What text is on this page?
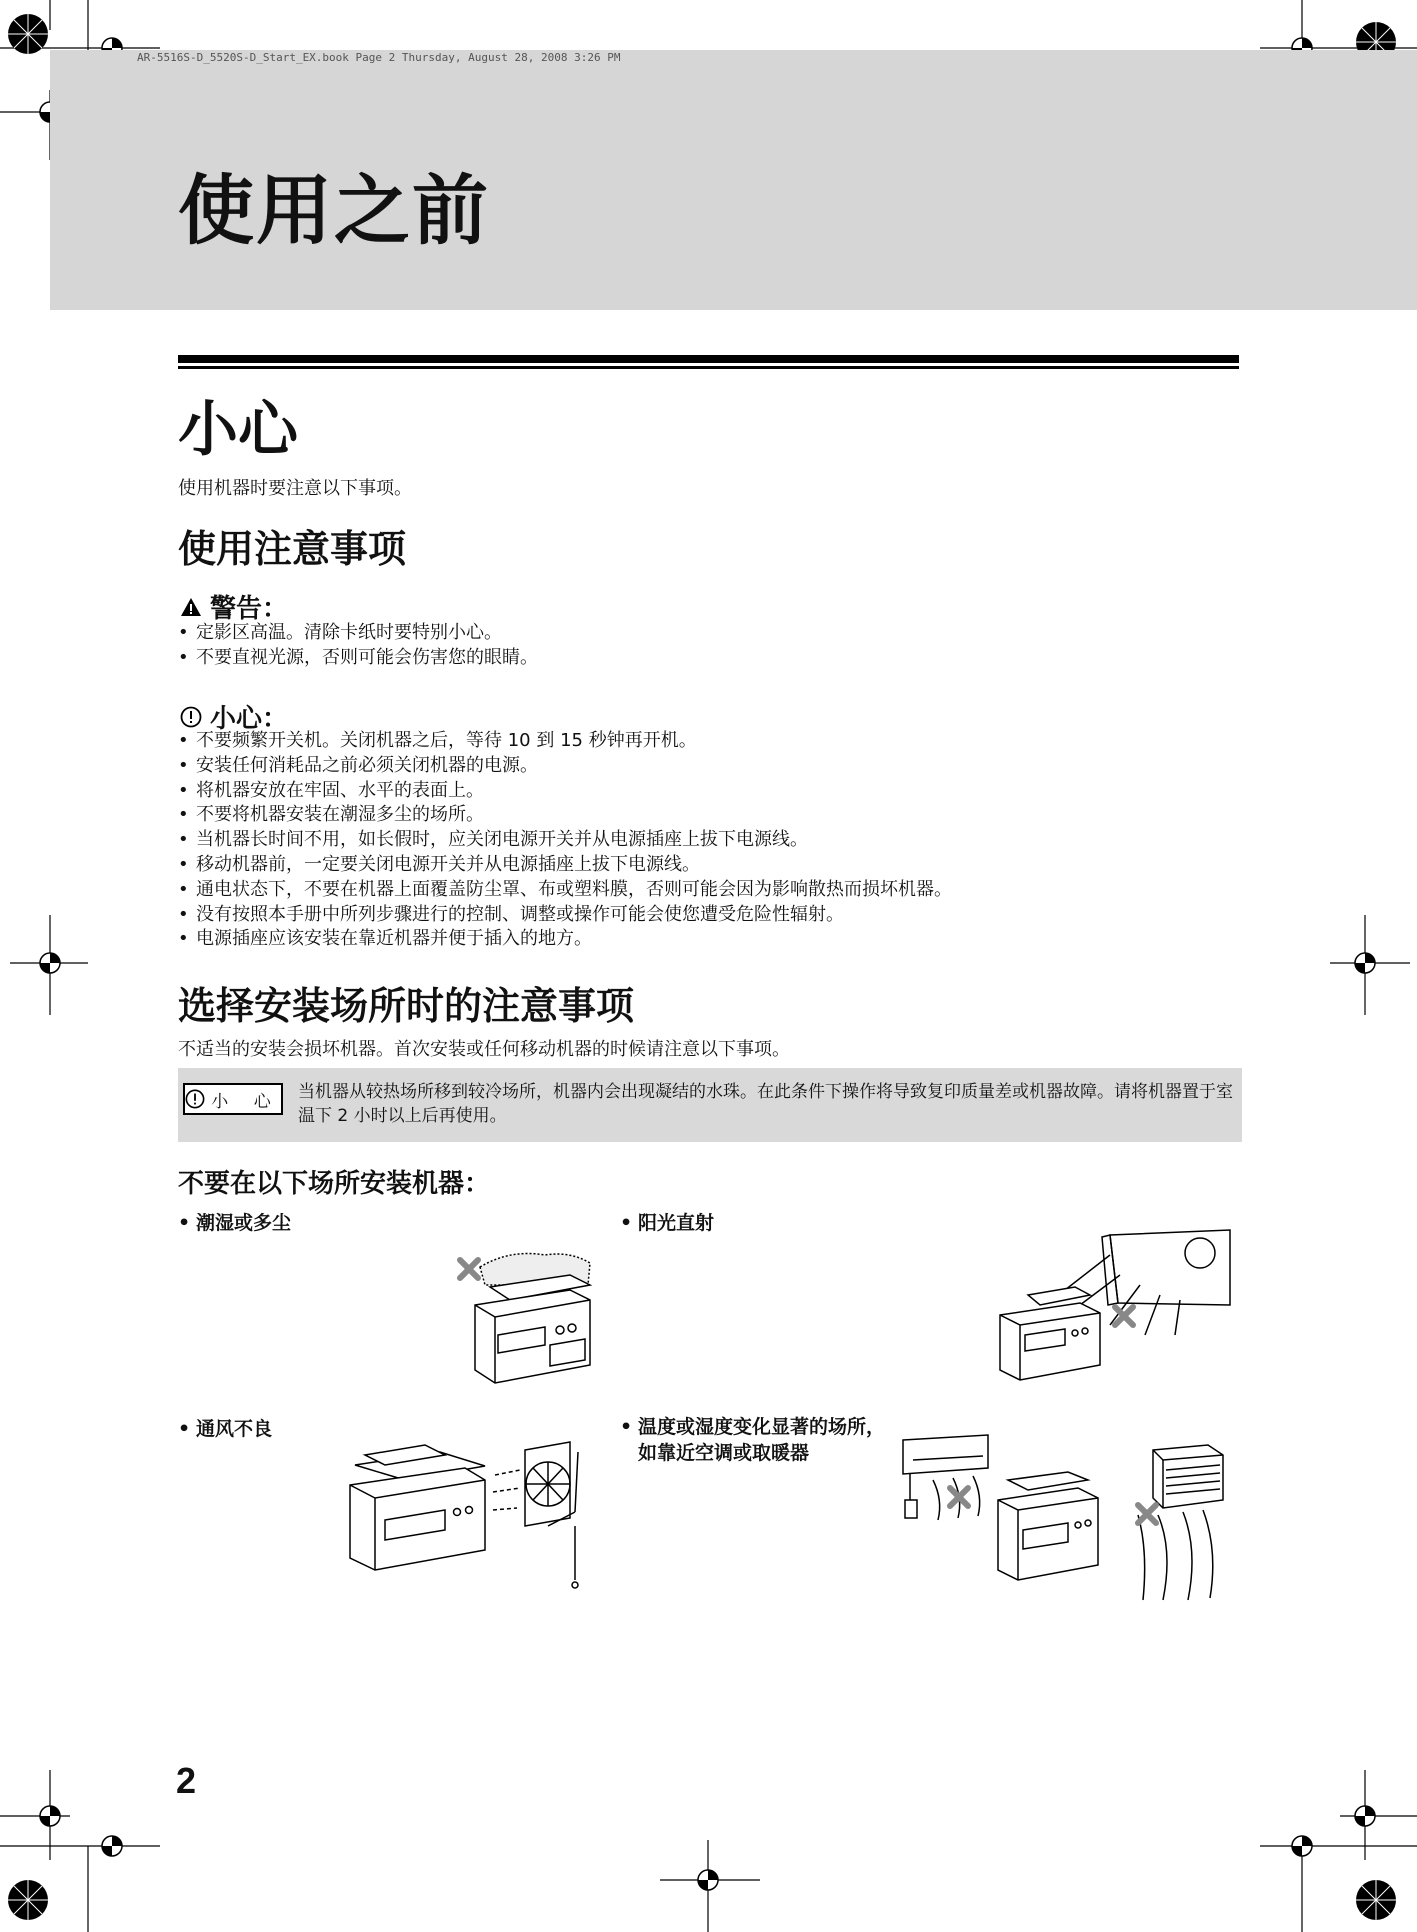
AR-5516S-D_5520S-D_Start_EX.book Page 2 Thursday, August 28, 2008 3:26 PM
使用之前
小心
使用机器时要注意以下事项。
使用注意事项
警告：
• 定影区高温。清除卡纸时要特别小心。
• 不要直视光源，否则可能会伤害您的眼睛。
小心：
• 不要频繁开关机。关闭机器之后，等待 10 到 15 秒钟再开机。
• 安装任何消耗品之前必须关闭机器的电源。
• 将机器安放在牢固、水平的表面上。
• 不要将机器安装在潮湿多尘的场所。
• 当机器长时间不用，如长假时，应关闭电源开关并从电源插座上拔下电源线。
• 移动机器前，一定要关闭电源开关并从电源插座上拔下电源线。
• 通电状态下，不要在机器上面覆盖防尘罩、布或塑料膜，否则可能会因为影响散热而损坏机器。
• 没有按照本手册中所列步骤进行的控制、调整或操作可能会使您遭受危险性辐射。
• 电源插座应该安装在靠近机器并便于插入的地方。
选择安装场所时的注意事项
不适当的安装会损坏机器。首次安装或任何移动机器的时候请注意以下事项。
小 心 当机器从较热场所移到较冷场所，机器内会出现凝结的水珠。在此条件下操作将导致复印质量差或机器故障。请将机器置于室温下 2 小时以上后再使用。
不要在以下场所安装机器：
• 潮湿或多尘	• 阳光直射
• 通风不良	• 温度或湿度变化显著的场所，如靠近空调或取暖器
2
